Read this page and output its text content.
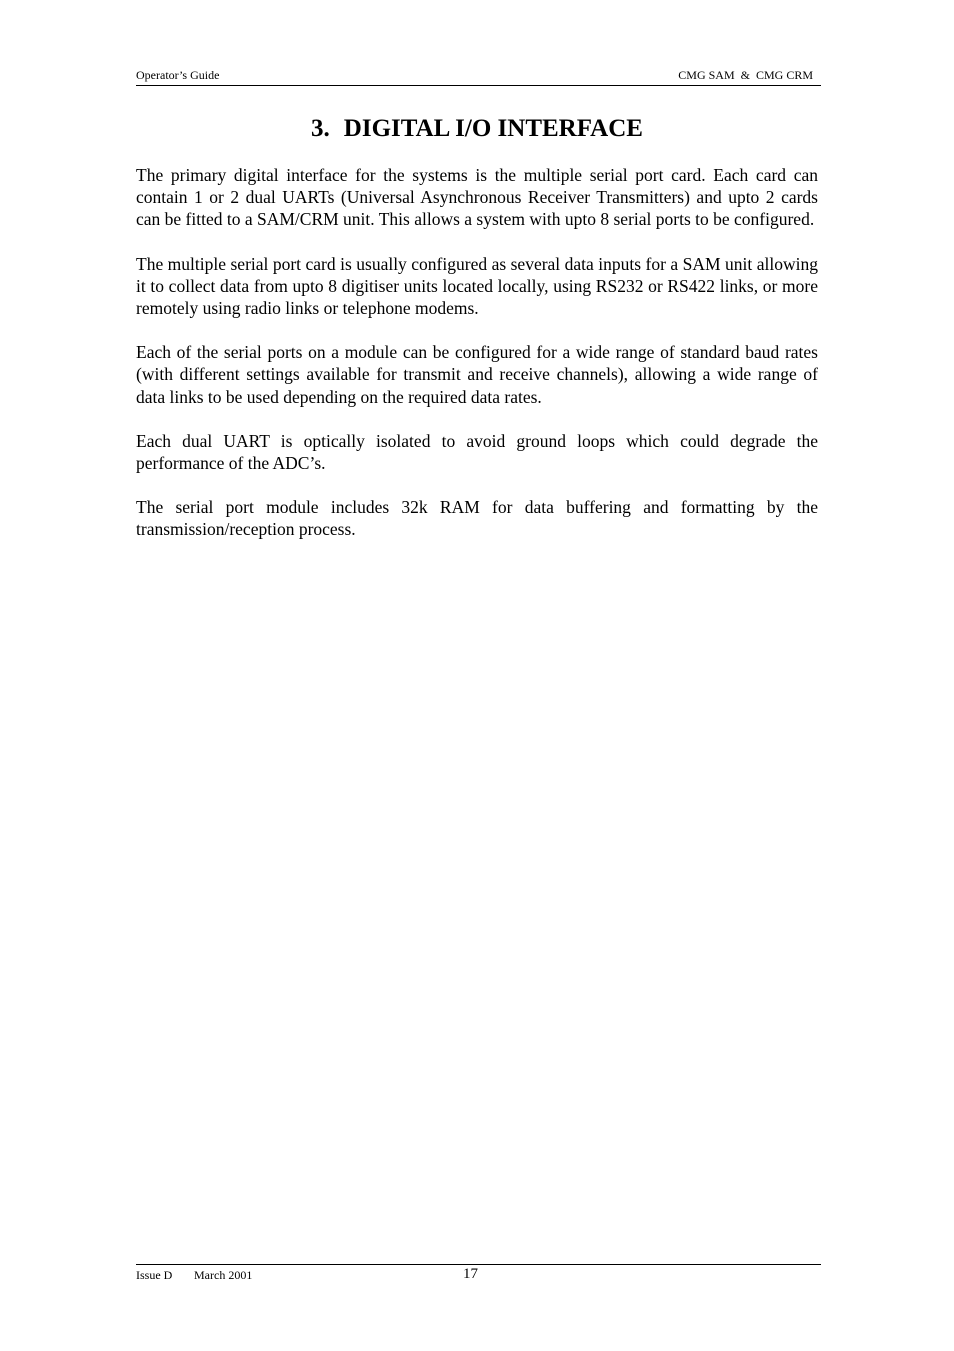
Operator’s Guide	CMG SAM  &  CMG CRM
3. DIGITAL I/O INTERFACE

The primary digital interface for the systems is the multiple serial port card. Each card can contain 1 or 2 dual UARTs (Universal Asynchronous Receiver Transmitters) and upto 2 cards can be fitted to a SAM/CRM unit. This allows a system with upto 8 serial ports to be configured.

The multiple serial port card is usually configured as several data inputs for a SAM unit allowing it to collect data from upto 8 digitiser units located locally, using RS232 or RS422 links, or more remotely using radio links or telephone modems.

Each of the serial ports on a module can be configured for a wide range of standard baud rates (with different settings available for transmit and receive channels), allowing a wide range of data links to be used depending on the required data rates.

Each dual UART is optically isolated to avoid ground loops which could degrade the performance of the ADC’s.

The serial port module includes 32k RAM for data buffering and formatting by the transmission/reception process.

Issue D March 2001	17
